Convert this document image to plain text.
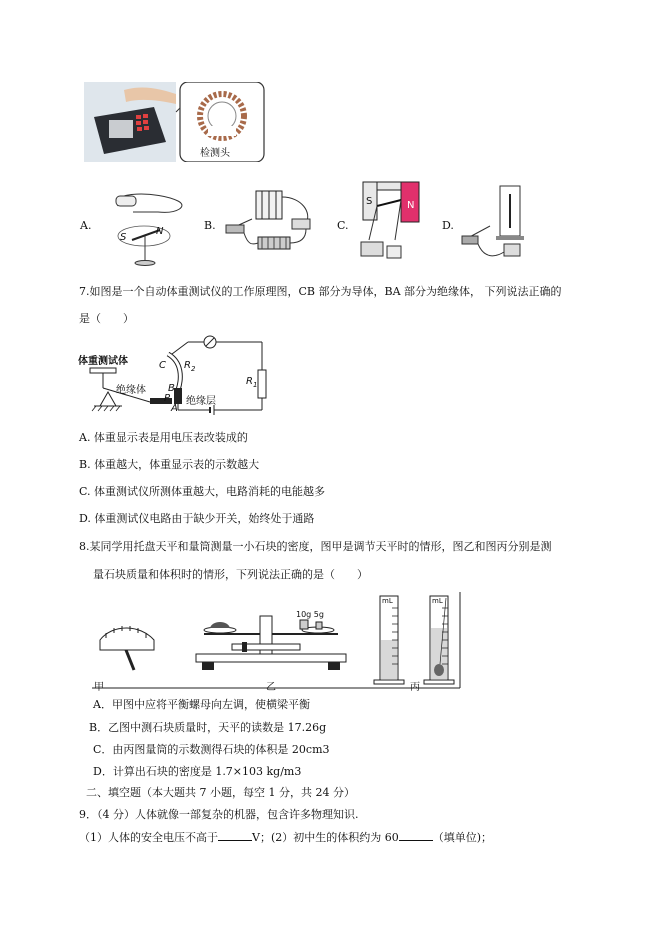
检测头
A.
S
N	B.	C.
S	N
D.
7.如图是一个自动体重测试仪的工作原理图，CB 部分为导体，BA 部分为绝缘体， 下列说法正确的
是（　　）
体重测试体
绝缘体
绝缘层
C
B
P
A
$R_2$
$R_1$
A. 体重显示表是用电压表改装成的
B. 体重越大，体重显示表的示数越大
C. 体重测试仪所测体重越大，电路消耗的电能越多
D. 体重测试仪电路由于缺少开关，始终处于通路
8.某同学用托盘天平和量筒测量一小石块的密度，图甲是调节天平时的情形，图乙和图丙分别是测
量石块质量和体积时的情形，下列说法正确的是（　　）
10g 5g
mL	mL
甲	乙	丙
A．甲图中应将平衡螺母向左调，使横梁平衡
B．乙图中测石块质量时，天平的读数是 17.26g
C．由丙图量筒的示数测得石块的体积是 20cm3
D．计算出石块的密度是 1.7×103 kg/m3
二、填空题（本大题共 7 小题，每空 1 分，共 24 分）
9．（4 分）人体就像一部复杂的机器，包含许多物理知识.
（1）人体的安全电压不高于	V；(2）初中生的体积约为 60	（填单位)；
